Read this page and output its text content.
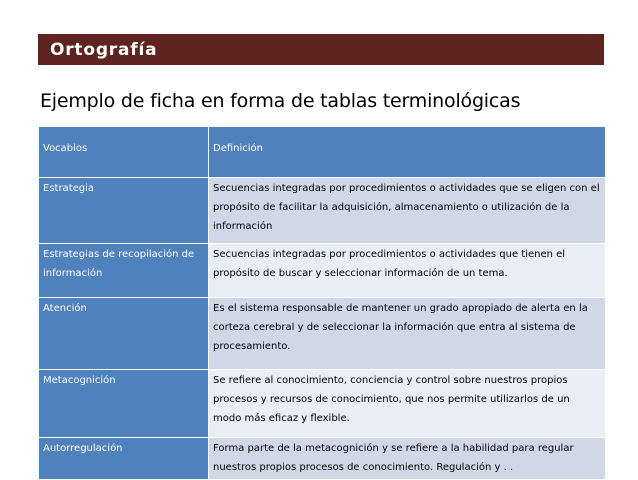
Ortografía
Ejemplo de ficha en forma de tablas terminológicas
Vocablos	Definición
Estrategia	Secuencias integradas por procedimientos o actividades que se eligen con el propósito de facilitar la adquisición, almacenamiento o utilización de la información
Estrategias de recopilación de información	Secuencias integradas por procedimientos o actividades que tienen el propósito de buscar y seleccionar información de un tema.
Atención	Es el sistema responsable de mantener un grado apropiado de alerta en la corteza cerebral y de seleccionar la información que entra al sistema de procesamiento.
Metacognición	Se refiere al conocimiento, conciencia y control sobre nuestros propios procesos y recursos de conocimiento, que nos permite utilizarlos de un modo más eficaz y flexible.
Autorregulación	Forma parte de la metacognición y se refiere a la habilidad para regular nuestros propios procesos de conocimiento. Regulación y . .
